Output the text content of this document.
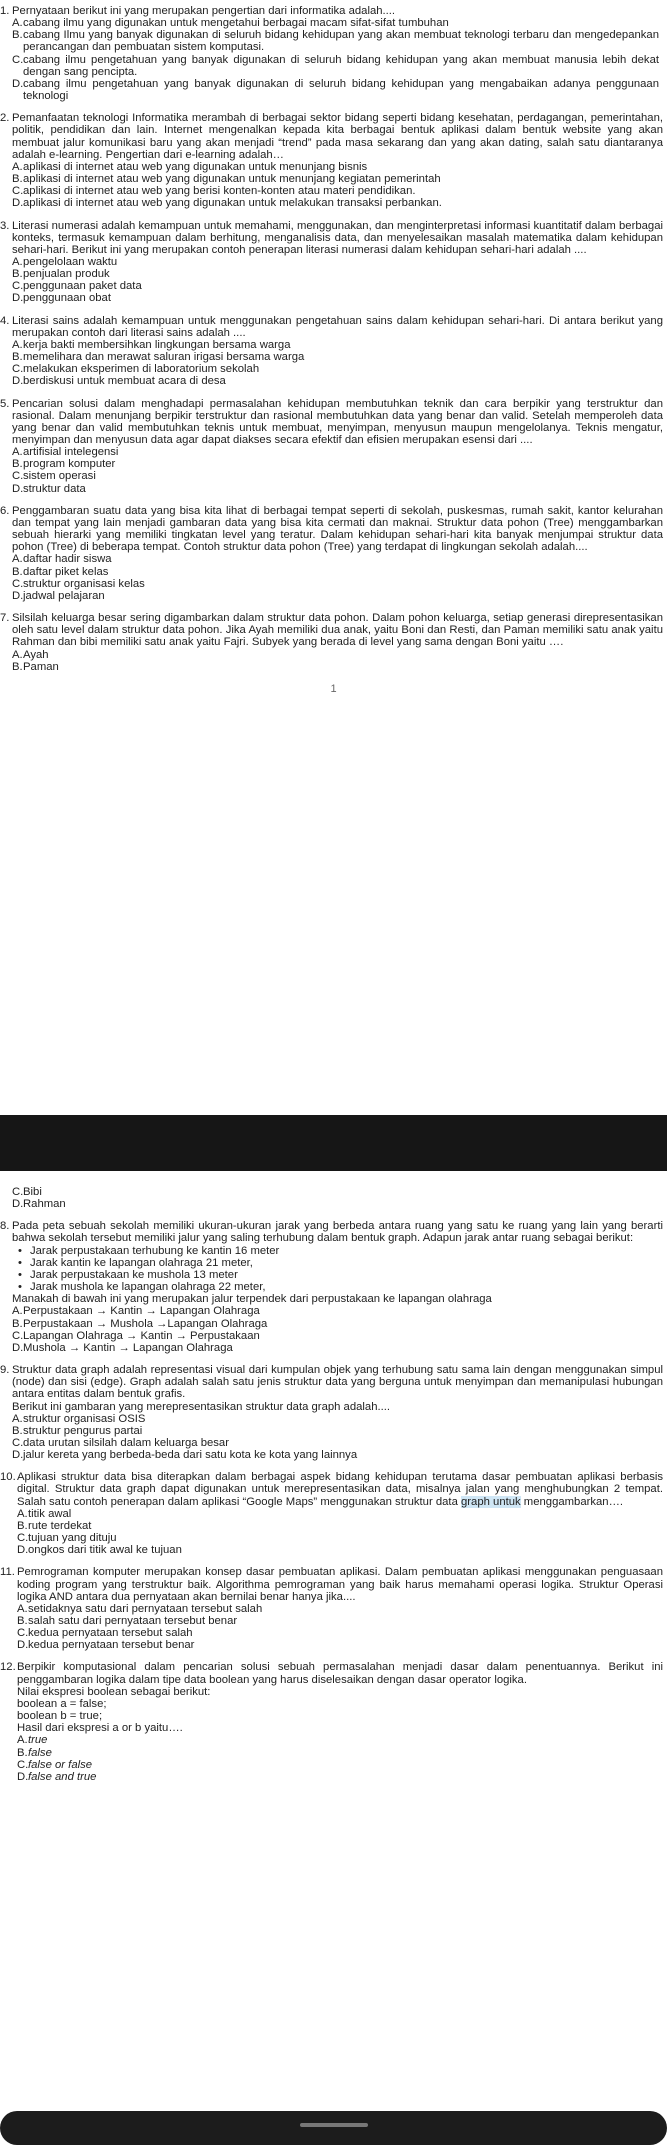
1. Pernyataan berikut ini yang merupakan pengertian dari informatika adalah....
A. cabang ilmu yang digunakan untuk mengetahui berbagai macam sifat-sifat tumbuhan
B. cabang Ilmu yang banyak digunakan di seluruh bidang kehidupan yang akan membuat teknologi terbaru dan mengedepankan perancangan dan pembuatan sistem komputasi.
C. cabang ilmu pengetahuan yang banyak digunakan di seluruh bidang kehidupan yang akan membuat manusia lebih dekat dengan sang pencipta.
D. cabang ilmu pengetahuan yang banyak digunakan di seluruh bidang kehidupan yang mengabaikan adanya penggunaan teknologi
2. Pemanfaatan teknologi Informatika merambah di berbagai sektor bidang seperti bidang kesehatan, perdagangan, pemerintahan, politik, pendidikan dan lain. Internet mengenalkan kepada kita berbagai bentuk aplikasi dalam bentuk website yang akan membuat jalur komunikasi baru yang akan menjadi “trend” pada masa sekarang dan yang akan dating, salah satu diantaranya adalah e-learning. Pengertian dari e-learning adalah…
A. aplikasi di internet atau web yang digunakan untuk menunjang bisnis
B. aplikasi di internet atau web yang digunakan untuk menunjang kegiatan pemerintah
C. aplikasi di internet atau web yang berisi konten-konten atau materi pendidikan.
D. aplikasi di internet atau web yang digunakan untuk melakukan transaksi perbankan.
3. Literasi numerasi adalah kemampuan untuk memahami, menggunakan, dan menginterpretasi informasi kuantitatif dalam berbagai konteks, termasuk kemampuan dalam berhitung, menganalisis data, dan menyelesaikan masalah matematika dalam kehidupan sehari-hari. Berikut ini yang merupakan contoh penerapan literasi numerasi dalam kehidupan sehari-hari adalah ....
A. pengelolaan waktu
B. penjualan produk
C. penggunaan paket data
D. penggunaan obat
4. Literasi sains adalah kemampuan untuk menggunakan pengetahuan sains dalam kehidupan sehari-hari. Di antara berikut yang merupakan contoh dari literasi sains adalah ....
A. kerja bakti membersihkan lingkungan bersama warga
B. memelihara dan merawat saluran irigasi bersama warga
C. melakukan eksperimen di laboratorium sekolah
D. berdiskusi untuk membuat acara di desa
5. Pencarian solusi dalam menghadapi permasalahan kehidupan membutuhkan teknik dan cara berpikir yang terstruktur dan rasional. Dalam menunjang berpikir terstruktur dan rasional membutuhkan data yang benar dan valid. Setelah memperoleh data yang benar dan valid membutuhkan teknis untuk membuat, menyimpan, menyusun maupun mengelolanya. Teknis mengatur, menyimpan dan menyusun data agar dapat diakses secara efektif dan efisien merupakan esensi dari ....
A. artifisial intelegensi
B. program komputer
C. sistem operasi
D. struktur data
6. Penggambaran suatu data yang bisa kita lihat di berbagai tempat seperti di sekolah, puskesmas, rumah sakit, kantor kelurahan dan tempat yang lain menjadi gambaran data yang bisa kita cermati dan maknai. Struktur data pohon (Tree) menggambarkan sebuah hierarki yang memiliki tingkatan level yang teratur. Dalam kehidupan sehari-hari kita banyak menjumpai struktur data pohon (Tree) di beberapa tempat. Contoh struktur data pohon (Tree) yang terdapat di lingkungan sekolah adalah....
A. daftar hadir siswa
B. daftar piket kelas
C. struktur organisasi kelas
D. jadwal pelajaran
7. Silsilah keluarga besar sering digambarkan dalam struktur data pohon. Dalam pohon keluarga, setiap generasi direpresentasikan oleh satu level dalam struktur data pohon. Jika Ayah memiliki dua anak, yaitu Boni dan Resti, dan Paman memiliki satu anak yaitu Rahman dan bibi memiliki satu anak yaitu Fajri. Subyek yang berada di level yang sama dengan Boni yaitu ….
A. Ayah
B. Paman
1
C. Bibi
D. Rahman
8. Pada peta sebuah sekolah memiliki ukuran-ukuran jarak yang berbeda antara ruang yang satu ke ruang yang lain yang berarti bahwa sekolah tersebut memiliki jalur yang saling terhubung dalam bentuk graph. Adapun jarak antar ruang sebagai berikut:
• Jarak perpustakaan terhubung ke kantin 16 meter
• Jarak kantin ke lapangan olahraga 21 meter,
• Jarak perpustakaan ke mushola 13 meter
• Jarak mushola ke lapangan olahraga 22 meter,
Manakah di bawah ini yang merupakan jalur terpendek dari perpustakaan ke lapangan olahraga
A. Perpustakaan → Kantin → Lapangan Olahraga
B. Perpustakaan → Mushola →Lapangan Olahraga
C. Lapangan Olahraga → Kantin → Perpustakaan
D. Mushola → Kantin → Lapangan Olahraga
9. Struktur data graph adalah representasi visual dari kumpulan objek yang terhubung satu sama lain dengan menggunakan simpul (node) dan sisi (edge). Graph adalah salah satu jenis struktur data yang berguna untuk menyimpan dan memanipulasi hubungan antara entitas dalam bentuk grafis.
Berikut ini gambaran yang merepresentasikan struktur data graph adalah....
A. struktur organisasi OSIS
B. struktur pengurus partai
C. data urutan silsilah dalam keluarga besar
D. jalur kereta yang berbeda-beda dari satu kota ke kota yang lainnya
10. Aplikasi struktur data bisa diterapkan dalam berbagai aspek bidang kehidupan terutama dasar pembuatan aplikasi berbasis digital. Struktur data graph dapat digunakan untuk merepresentasikan data, misalnya jalan yang menghubungkan 2 tempat. Salah satu contoh penerapan dalam aplikasi “Google Maps” menggunakan struktur data graph untuk menggambarkan….
A. titik awal
B. rute terdekat
C. tujuan yang dituju
D. ongkos dari titik awal ke tujuan
11. Pemrograman komputer merupakan konsep dasar pembuatan aplikasi. Dalam pembuatan aplikasi menggunakan penguasaan koding program yang terstruktur baik. Algorithma pemrograman yang baik harus memahami operasi logika. Struktur Operasi logika AND antara dua pernyataan akan bernilai benar hanya jika....
A. setidaknya satu dari pernyataan tersebut salah
B. salah satu dari pernyataan tersebut benar
C. kedua pernyataan tersebut salah
D. kedua pernyataan tersebut benar
12. Berpikir komputasional dalam pencarian solusi sebuah permasalahan menjadi dasar dalam penentuannya. Berikut ini penggambaran logika dalam tipe data boolean yang harus diselesaikan dengan dasar operator logika.
Nilai ekspresi boolean sebagai berikut:
boolean a = false;
boolean b = true;
Hasil dari ekspresi a or b yaitu….
A. true
B. false
C. false or false
D. false and true
